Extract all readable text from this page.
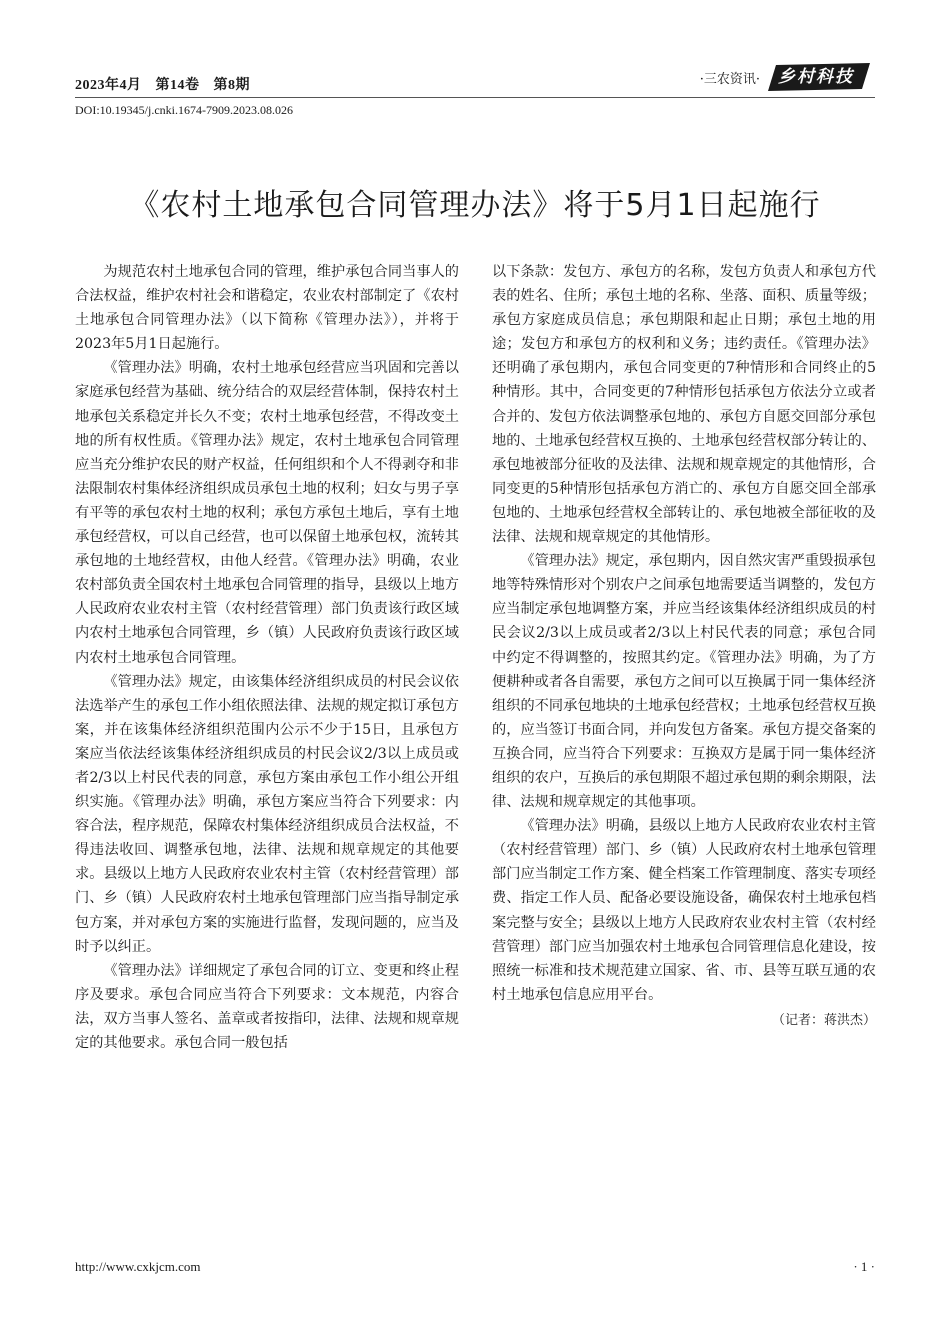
2023年4月 第14卷 第8期	·三农资讯·	乡村科技
DOI:10.19345/j.cnki.1674-7909.2023.08.026
《农村土地承包合同管理办法》将于5月1日起施行

为规范农村土地承包合同的管理，维护承包合同当事人的合法权益，维护农村社会和谐稳定，农业农村部制定了《农村土地承包合同管理办法》（以下简称《管理办法》），并将于2023年5月1日起施行。

《管理办法》明确，农村土地承包经营应当巩固和完善以家庭承包经营为基础、统分结合的双层经营体制，保持农村土地承包关系稳定并长久不变；农村土地承包经营，不得改变土地的所有权性质。《管理办法》规定，农村土地承包合同管理应当充分维护农民的财产权益，任何组织和个人不得剥夺和非法限制农村集体经济组织成员承包土地的权利；妇女与男子享有平等的承包农村土地的权利；承包方承包土地后，享有土地承包经营权，可以自己经营，也可以保留土地承包权，流转其承包地的土地经营权，由他人经营。《管理办法》明确，农业农村部负责全国农村土地承包合同管理的指导，县级以上地方人民政府农业农村主管（农村经营管理）部门负责该行政区域内农村土地承包合同管理，乡（镇）人民政府负责该行政区域内农村土地承包合同管理。

《管理办法》规定，由该集体经济组织成员的村民会议依法选举产生的承包工作小组依照法律、法规的规定拟订承包方案，并在该集体经济组织范围内公示不少于15日，且承包方案应当依法经该集体经济组织成员的村民会议2/3以上成员或者2/3以上村民代表的同意，承包方案由承包工作小组公开组织实施。《管理办法》明确，承包方案应当符合下列要求：内容合法，程序规范，保障农村集体经济组织成员合法权益，不得违法收回、调整承包地，法律、法规和规章规定的其他要求。县级以上地方人民政府农业农村主管（农村经营管理）部门、乡（镇）人民政府农村土地承包管理部门应当指导制定承包方案，并对承包方案的实施进行监督，发现问题的，应当及时予以纠正。

《管理办法》详细规定了承包合同的订立、变更和终止程序及要求。承包合同应当符合下列要求：文本规范，内容合法，双方当事人签名、盖章或者按指印，法律、法规和规章规定的其他要求。承包合同一般包括

以下条款：发包方、承包方的名称，发包方负责人和承包方代表的姓名、住所；承包土地的名称、坐落、面积、质量等级；承包方家庭成员信息；承包期限和起止日期；承包土地的用途；发包方和承包方的权利和义务；违约责任。《管理办法》还明确了承包期内，承包合同变更的7种情形和合同终止的5种情形。其中，合同变更的7种情形包括承包方依法分立或者合并的、发包方依法调整承包地的、承包方自愿交回部分承包地的、土地承包经营权互换的、土地承包经营权部分转让的、承包地被部分征收的及法律、法规和规章规定的其他情形，合同变更的5种情形包括承包方消亡的、承包方自愿交回全部承包地的、土地承包经营权全部转让的、承包地被全部征收的及法律、法规和规章规定的其他情形。

《管理办法》规定，承包期内，因自然灾害严重毁损承包地等特殊情形对个别农户之间承包地需要适当调整的，发包方应当制定承包地调整方案，并应当经该集体经济组织成员的村民会议2/3以上成员或者2/3以上村民代表的同意；承包合同中约定不得调整的，按照其约定。《管理办法》明确，为了方便耕种或者各自需要，承包方之间可以互换属于同一集体经济组织的不同承包地块的土地承包经营权；土地承包经营权互换的，应当签订书面合同，并向发包方备案。承包方提交备案的互换合同，应当符合下列要求：互换双方是属于同一集体经济组织的农户，互换后的承包期限不超过承包期的剩余期限，法律、法规和规章规定的其他事项。

《管理办法》明确，县级以上地方人民政府农业农村主管（农村经营管理）部门、乡（镇）人民政府农村土地承包管理部门应当制定工作方案、健全档案工作管理制度、落实专项经费、指定工作人员、配备必要设施设备，确保农村土地承包档案完整与安全；县级以上地方人民政府农业农村主管（农村经营管理）部门应当加强农村土地承包合同管理信息化建设，按照统一标准和技术规范建立国家、省、市、县等互联互通的农村土地承包信息应用平台。

（记者：蒋洪杰）
http://www.cxkjcm.com	· 1 ·
